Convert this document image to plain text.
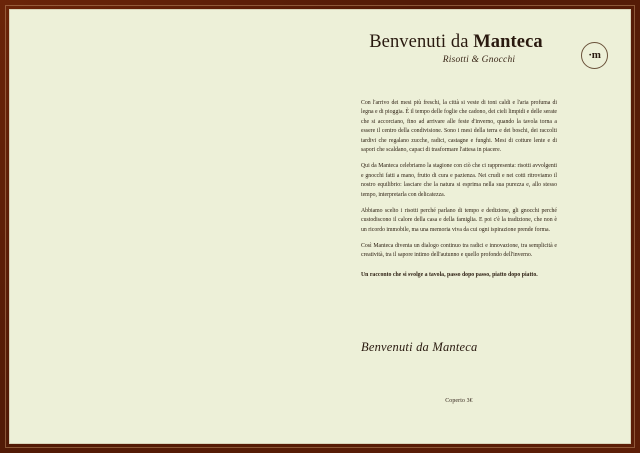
Benvenuti da Manteca
Risotti & Gnocchi	·m

Con l'arrivo dei mesi più freschi, la città si veste di toni caldi e l'aria profuma di legna e di pioggia. È il tempo delle foglie che cadono, dei cieli limpidi e delle serate che si accorciano, fino ad arrivare alle feste d'inverno, quando la tavola torna a essere il centro della condivisione. Sono i mesi della terra e dei boschi, dei raccolti tardivi che regalano zucche, radici, castagne e funghi. Mesi di cotture lente e di sapori che scaldano, capaci di trasformare l'attesa in piacere.

Qui da Manteca celebriamo la stagione con ciò che ci rappresenta: risotti avvolgenti e gnocchi fatti a mano, frutto di cura e pazienza. Nei crudi e nei cotti ritroviamo il nostro equilibrio: lasciare che la natura si esprima nella sua purezza e, allo stesso tempo, interpretarla con delicatezza.

Abbiamo scelto i risotti perché parlano di tempo e dedizione, gli gnocchi perché custodiscono il calore della casa e della famiglia. E poi c'è la tradizione, che non è un ricordo immobile, ma una memoria viva da cui ogni ispirazione prende forma.

Così Manteca diventa un dialogo continuo tra radici e innovazione, tra semplicità e creatività, tra il sapore intimo dell'autunno e quello profondo dell'inverno.

Un racconto che si svolge a tavola, passo dopo passo, piatto dopo piatto.

Benvenuti da Manteca
Coperto 3€
